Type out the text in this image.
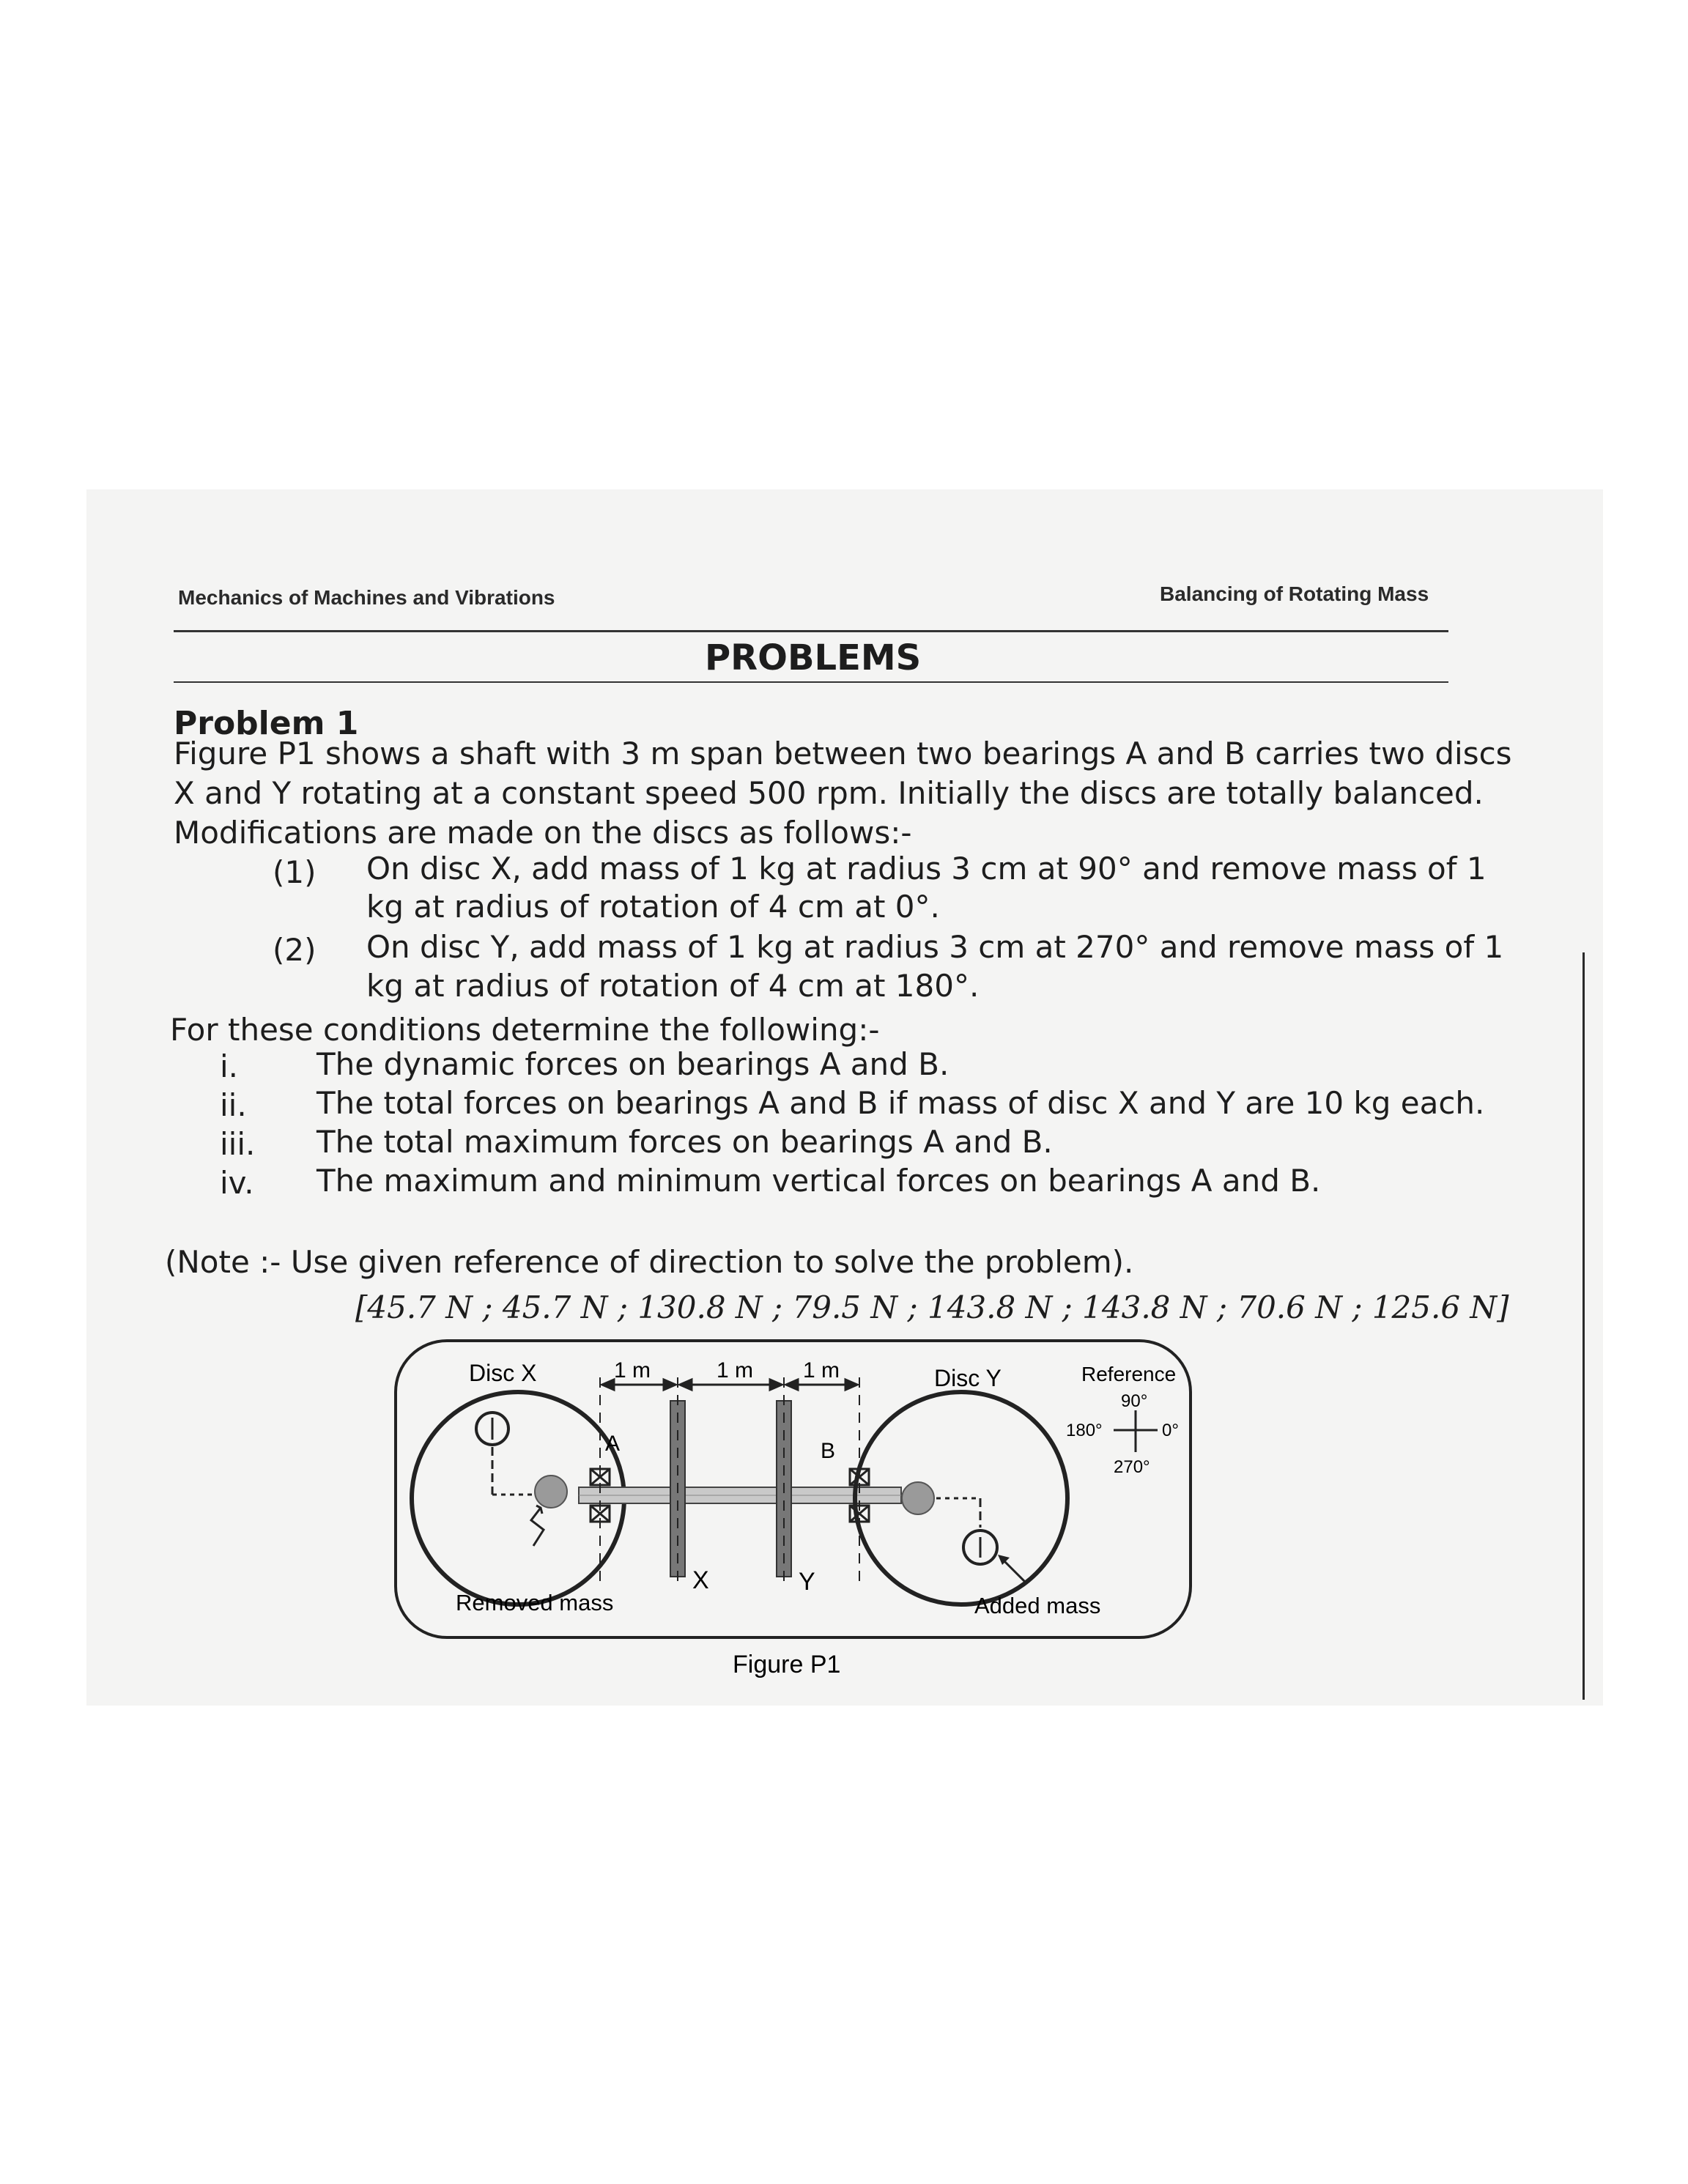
Mechanics of Machines and Vibrations	Balancing of Rotating Mass
PROBLEMS
Problem 1
Figure P1 shows a shaft with 3 m span between two bearings A and B carries two discs
X and Y rotating at a constant speed 500 rpm. Initially the discs are totally balanced.
Modifications are made on the discs as follows:-
(1) On disc X, add mass of 1 kg at radius 3 cm at 90° and remove mass of 1
kg at radius of rotation of 4 cm at 0°.
(2) On disc Y, add mass of 1 kg at radius 3 cm at 270° and remove mass of 1
kg at radius of rotation of 4 cm at 180°.
For these conditions determine the following:-
i.	The dynamic forces on bearings A and B.
ii. The total forces on bearings A and B if mass of disc X and Y are 10 kg each.
iii. The total maximum forces on bearings A and B.
iv. The maximum and minimum vertical forces on bearings A and B.
(Note :- Use given reference of direction to solve the problem).
[45.7 N ; 45.7 N ; 130.8 N ; 79.5 N ; 143.8 N ; 143.8 N ; 70.6 N ; 125.6 N]
Disc X	Disc Y
1 m	1 m 1 m
A	B
X	Y
Removed mass	Added mass
Reference
90°
180°	0°
270°
Figure P1
